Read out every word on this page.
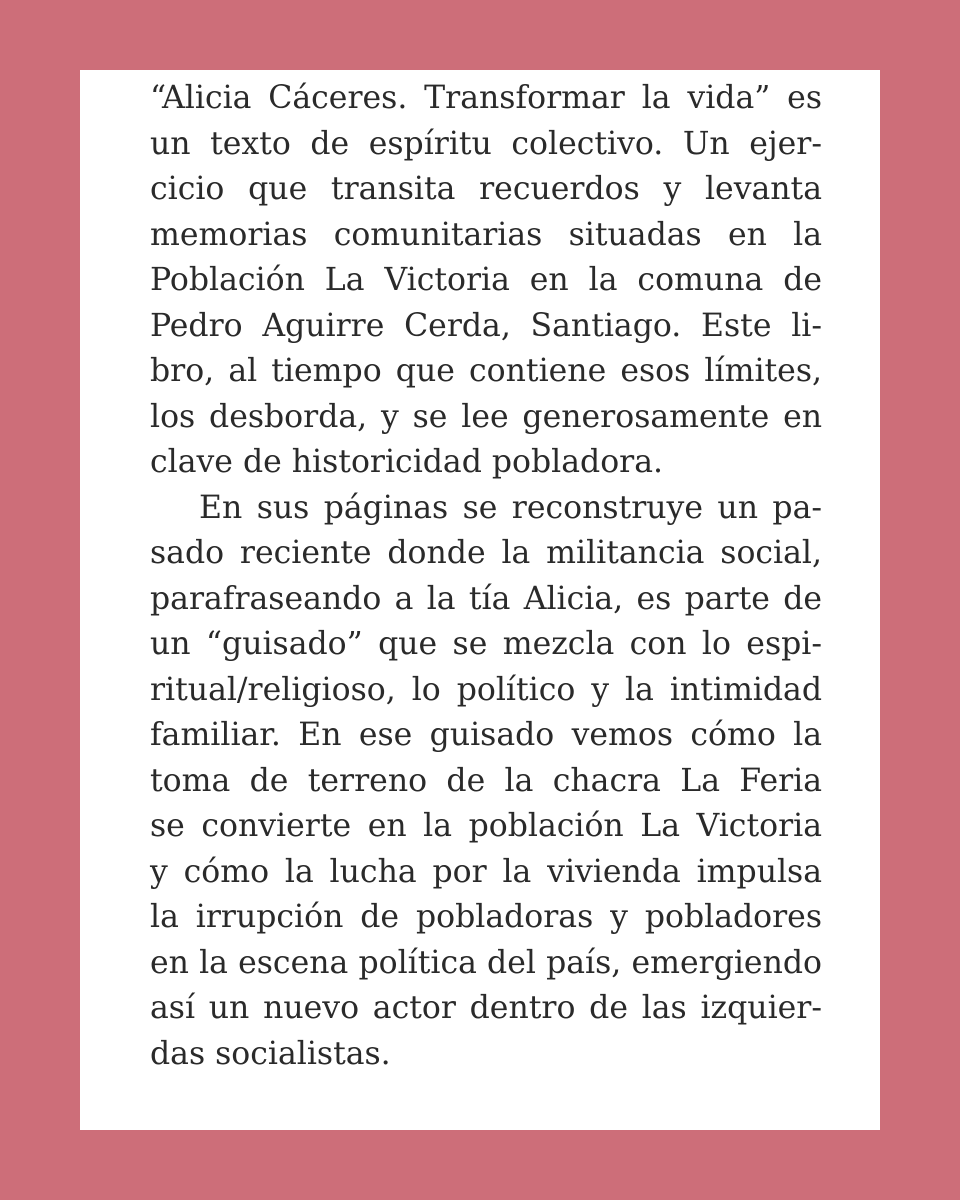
“Alicia Cáceres. Transformar la vida” es
un texto de espíritu colectivo. Un ejer-
cicio que transita recuerdos y levanta
memorias comunitarias situadas en la
Población La Victoria en la comuna de
Pedro Aguirre Cerda, Santiago. Este li-
bro, al tiempo que contiene esos límites,
los desborda, y se lee generosamente en
clave de historicidad pobladora.
En sus páginas se reconstruye un pa-
sado reciente donde la militancia social,
parafraseando a la tía Alicia, es parte de
un “guisado” que se mezcla con lo espi-
ritual/religioso, lo político y la intimidad
familiar. En ese guisado vemos cómo la
toma de terreno de la chacra La Feria
se convierte en la población La Victoria
y cómo la lucha por la vivienda impulsa
la irrupción de pobladoras y pobladores
en la escena política del país, emergiendo
así un nuevo actor dentro de las izquier-
das socialistas.
